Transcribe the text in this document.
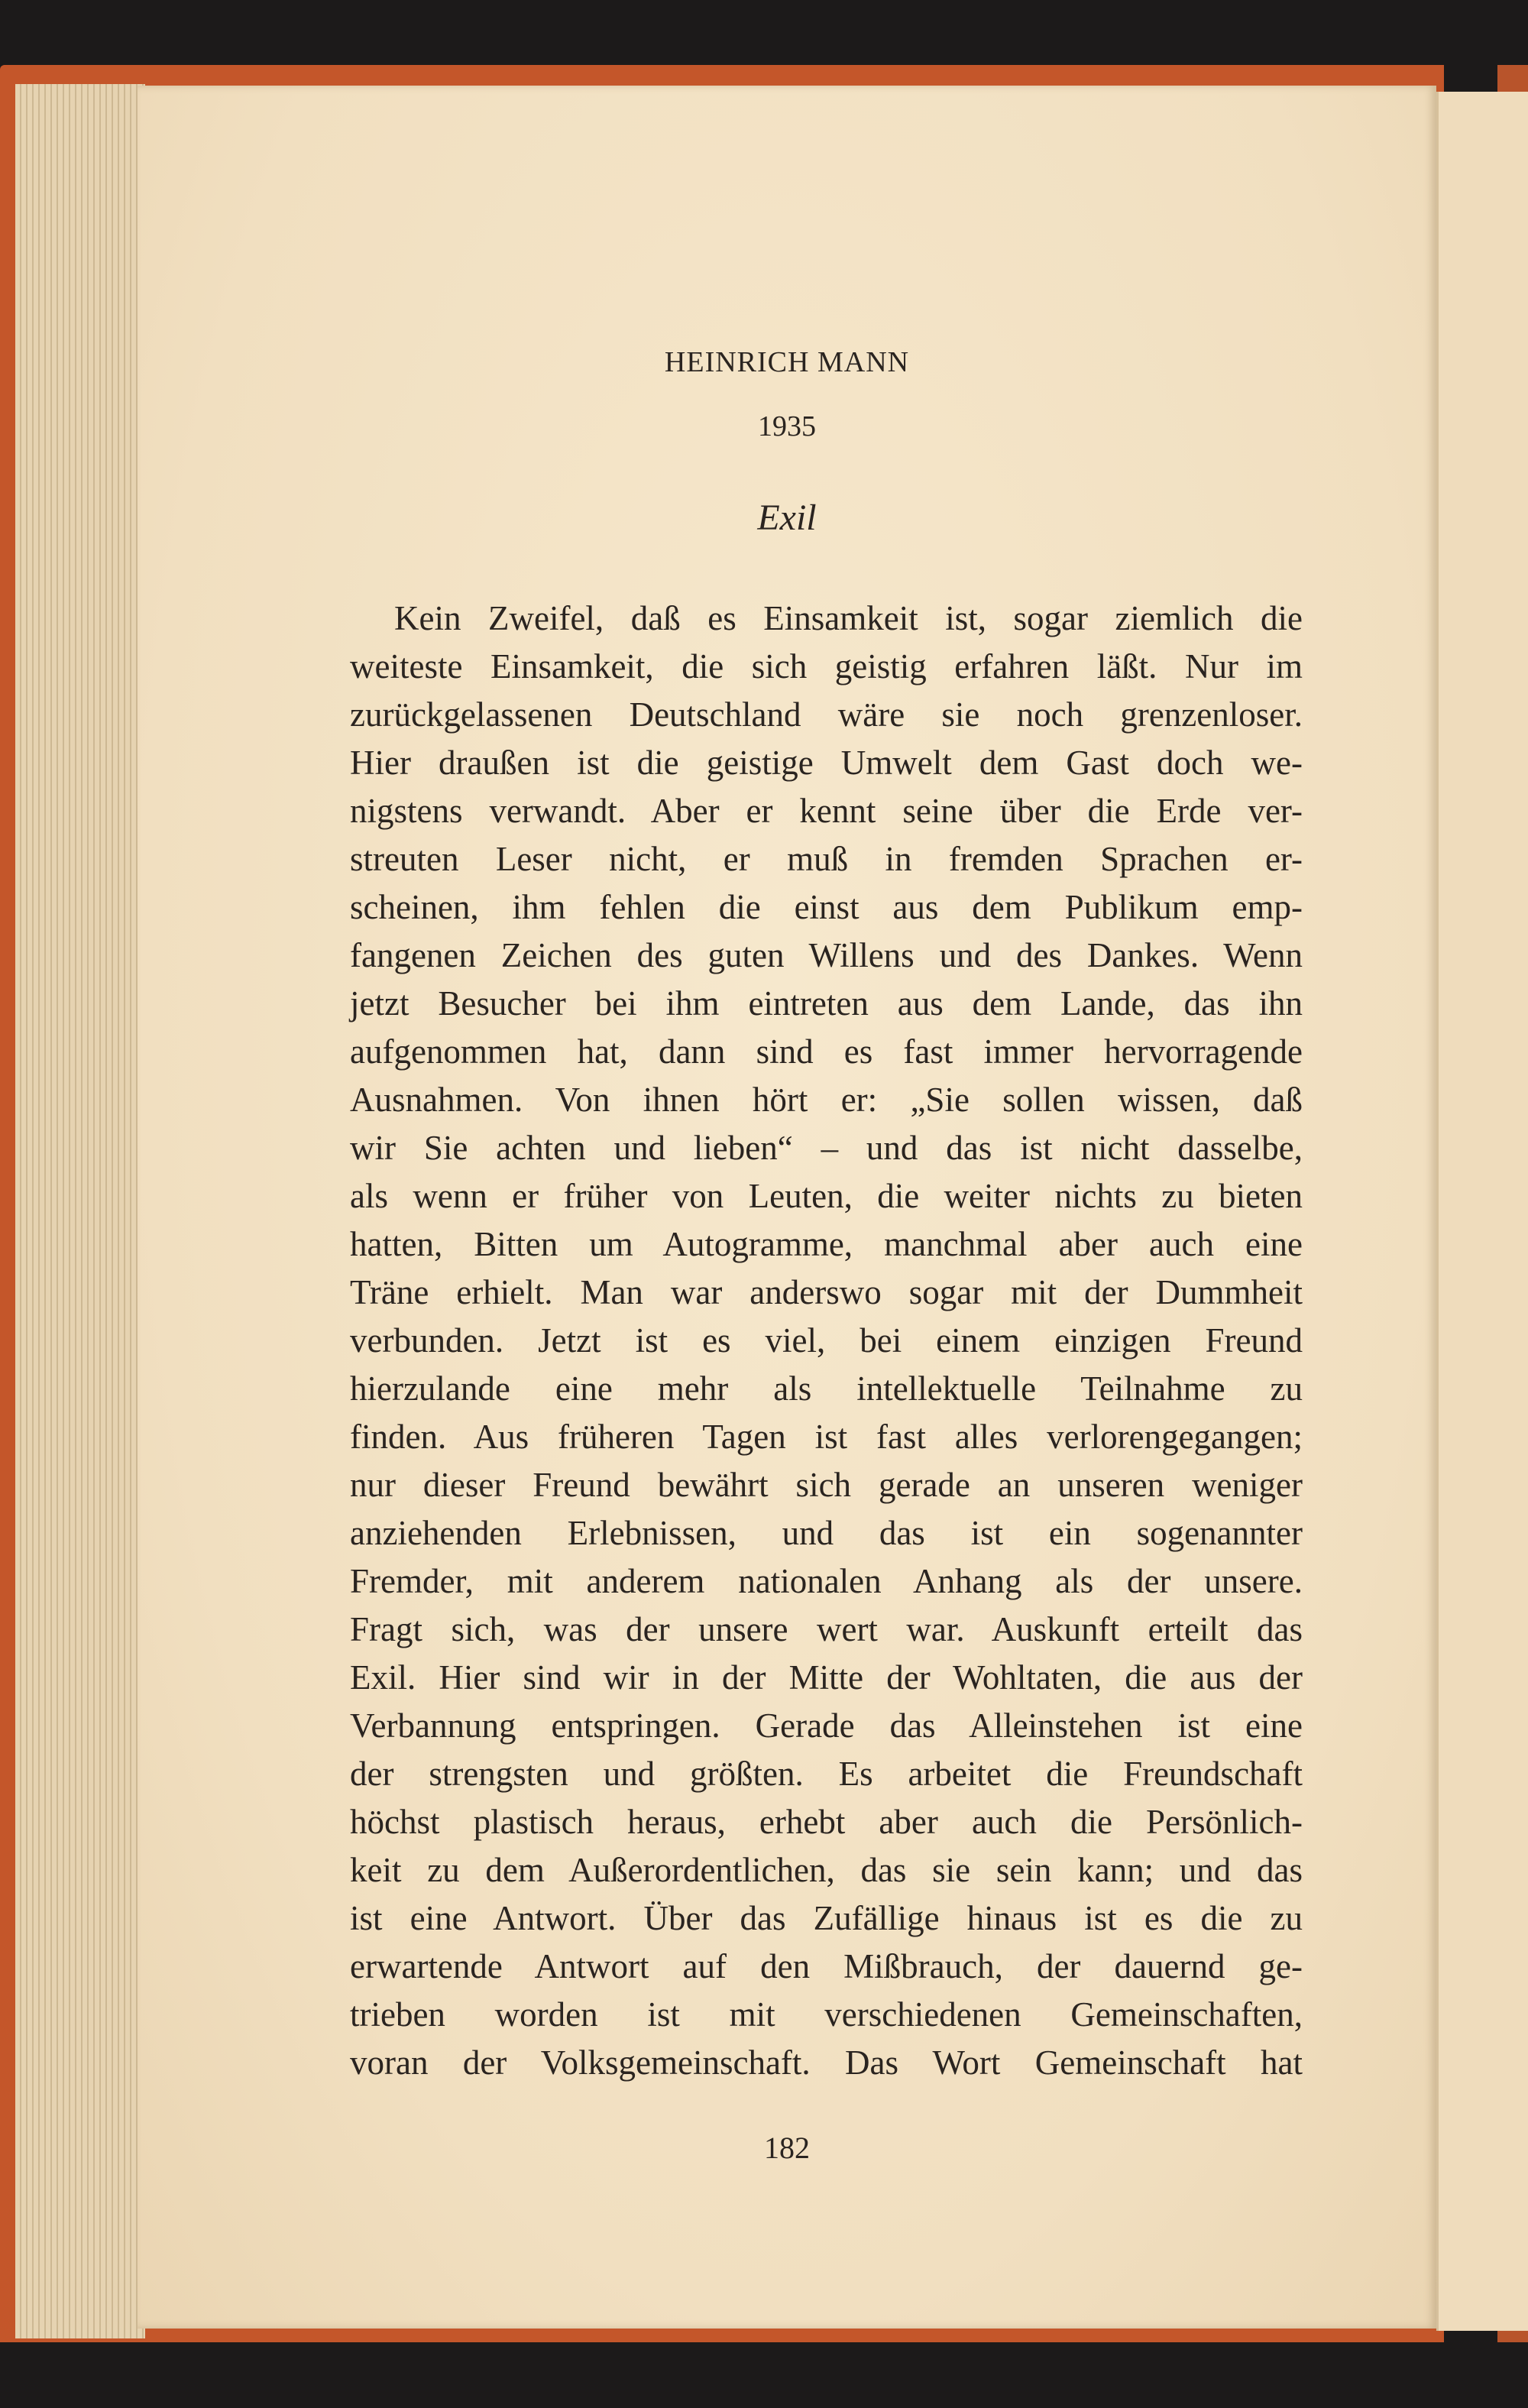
HEINRICH MANN
1935
Exil
Kein Zweifel, daß es Einsamkeit ist, sogar ziemlich die
weiteste Einsamkeit, die sich geistig erfahren läßt. Nur im
zurückgelassenen Deutschland wäre sie noch grenzenloser.
Hier draußen ist die geistige Umwelt dem Gast doch we-
nigstens verwandt. Aber er kennt seine über die Erde ver-
streuten Leser nicht, er muß in fremden Sprachen er-
scheinen, ihm fehlen die einst aus dem Publikum emp-
fangenen Zeichen des guten Willens und des Dankes. Wenn
jetzt Besucher bei ihm eintreten aus dem Lande, das ihn
aufgenommen hat, dann sind es fast immer hervorragende
Ausnahmen. Von ihnen hört er: „Sie sollen wissen, daß
wir Sie achten und lieben“ – und das ist nicht dasselbe,
als wenn er früher von Leuten, die weiter nichts zu bieten
hatten, Bitten um Autogramme, manchmal aber auch eine
Träne erhielt. Man war anderswo sogar mit der Dummheit
verbunden. Jetzt ist es viel, bei einem einzigen Freund
hierzulande eine mehr als intellektuelle Teilnahme zu
finden. Aus früheren Tagen ist fast alles verlorengegangen;
nur dieser Freund bewährt sich gerade an unseren weniger
anziehenden Erlebnissen, und das ist ein sogenannter
Fremder, mit anderem nationalen Anhang als der unsere.
Fragt sich, was der unsere wert war. Auskunft erteilt das
Exil. Hier sind wir in der Mitte der Wohltaten, die aus der
Verbannung entspringen. Gerade das Alleinstehen ist eine
der strengsten und größten. Es arbeitet die Freundschaft
höchst plastisch heraus, erhebt aber auch die Persönlich-
keit zu dem Außerordentlichen, das sie sein kann; und das
ist eine Antwort. Über das Zufällige hinaus ist es die zu
erwartende Antwort auf den Mißbrauch, der dauernd ge-
trieben worden ist mit verschiedenen Gemeinschaften,
voran der Volksgemeinschaft. Das Wort Gemeinschaft hat
182
